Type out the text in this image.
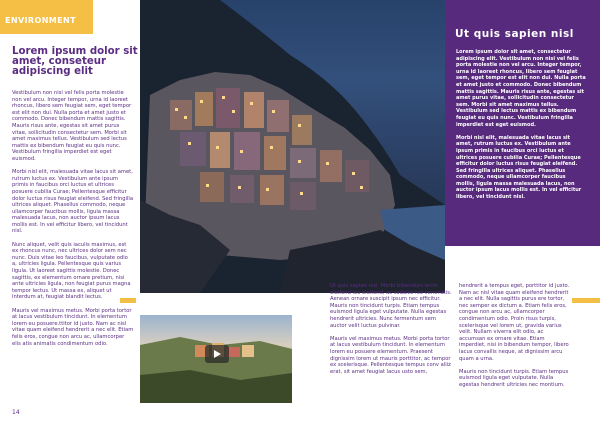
ENVIRONMENT
Lorem ipsum dolor sit amet, conseteur adipiscing elit

Vestibulum non nisi vel felis porta molestie non vel arcu. Integer tempor, urna id laoreet rhoncus, libero sem feugiat sem, eget tempor est elit non dui. Nulla porta et amet justo et commodo. Donec bibendum mattis sagittis. Mauris risus ante, egestas sit amet purus vitae, sollicitudin consectetur sem. Morbi sit amet maximus tellus. Vestibulum sed lectus mattis ex bibendum feugiat eu quis nunc. Vestibulum fringilla imperdiet est eget euismod.

Morbi nisl elit, malesuada vitae lacus sit amet, rutrum luctus ex. Vestibulum ante ipsum primis in faucibus orci luctus et ultrices posuere cubilia Curae; Pellentesque efficitur dolor luctus risus feugiat eleifend. Sed fringilla ultrices aliquet. Phasellus commodo, neque ullamcorper faucibus mollis, ligula massa malesuada lacus, non auctor ipsum lacus mollis est. In vel efficitur libero, vel tincidunt nisl.

Nunc aliquet, velit quis iaculis maximus, est ex rhoncus nunc, nec ultrices dolor sem nec nunc. Duis vitae leo faucibus, vulputate odio a, ultricies ligula. Pellentesque quis varius ligula. Ut laoreet sagittis molestie. Donec sagittis, ex elementum ornare pretium, nisi ante ultricies ligula, non feugiat purus magna tempor lectus. Ut massa ex, aliquet ut interdum at, feugiat blandit lectus.

Mauris vel maximus metus. Morbi porta tortor at lacus vestibulum tincidunt. In elementum lorem eu posuere.ttitor id justo. Nam ac nisl vitae quam eleifend hendrerit a nec elit. Etiam felis eros, congue non arcu ac, ullamcorper elis atis animatis condimentum odio.

Ut quis sapien nisl

Lorem ipsum dolor sit amet, consectetur adipiscing elit. Vestibulum non nisi vel felis porta molestie non vel arcu. Integer tempor, urna id laoreet rhoncus, libero sem feugiat sem, eget tempor est elit non dui. Nulla porta et amet justo et commodo. Donec bibendum mattis sagittis. Mauris risus ante, egestas sit amet purus vitae, sollicitudin consectetur sem. Morbi sit amet maximus tellus. Vestibulum sed lectus mattis ex bibendum feugiat eu quis nunc. Vestibulum fringilla imperdiet est eget euismod.

Morbi nisl elit, malesuada vitae lacus sit amet, rutrum luctus ex. Vestibulum ante ipsum primis in faucibus orci luctus et ultrices posuere cubilia Curae; Pellentesque efficitur dolor luctus risus feugiat eleifend. Sed fringilla ultrices aliquet. Phasellus commodo, neque ullamcorper faucibus mollis, ligula massa malesuada lacus, non auctor ipsum lacus mollis est. In vel efficitur libero, vel tincidunt nisl.

Ut quis sapien nisl. Morbi bibendum enim eleifend leo eleifend, ac sodales leo venenatis. Aenean ornare suscipit ipsum nec efficitur. Mauris non tincidunt turpis. Etiam tempus euismod ligula eget vulputate. Nulla egestas hendrerit ultricies. Nunc fermentum sem auctor velit luctus pulvinar.

Mauris vel maximus metus. Morbi porta tortor at lacus vestibulum tincidunt. In elementum lorem eu posuere elementum. Praesent dignissim lorem ut mauris porttitor, ac tempor ex scelerisque. Pellentesque tempus conv aliiz erat, sit amet feugiat lacus usto sem,

hendrerit a tempus eget, porttitor id justo. Nam ac nisl vitae quam eleifend hendrerit a nec elit. Nulla sagittis purus ere tortor, nec semper ex dictum a. Etiam felis eros, congue non arcu ac, ullamcorper condimentum odio. Proin risus turpis, scelerisque vel lorem ut, gravida varius velit. Nullam viverra elit odio, ac accumsan ex ornare vitae. Etiam imperdiet, nisi in bibendum tempor, libero lacus convallis neque, at dignissim arcu quam a urna.

Mauris non tincidunt turpis. Etiam tempus euismod ligula eget vulputate. Nulla egestas hendrerit ultricies nec montium.

14
